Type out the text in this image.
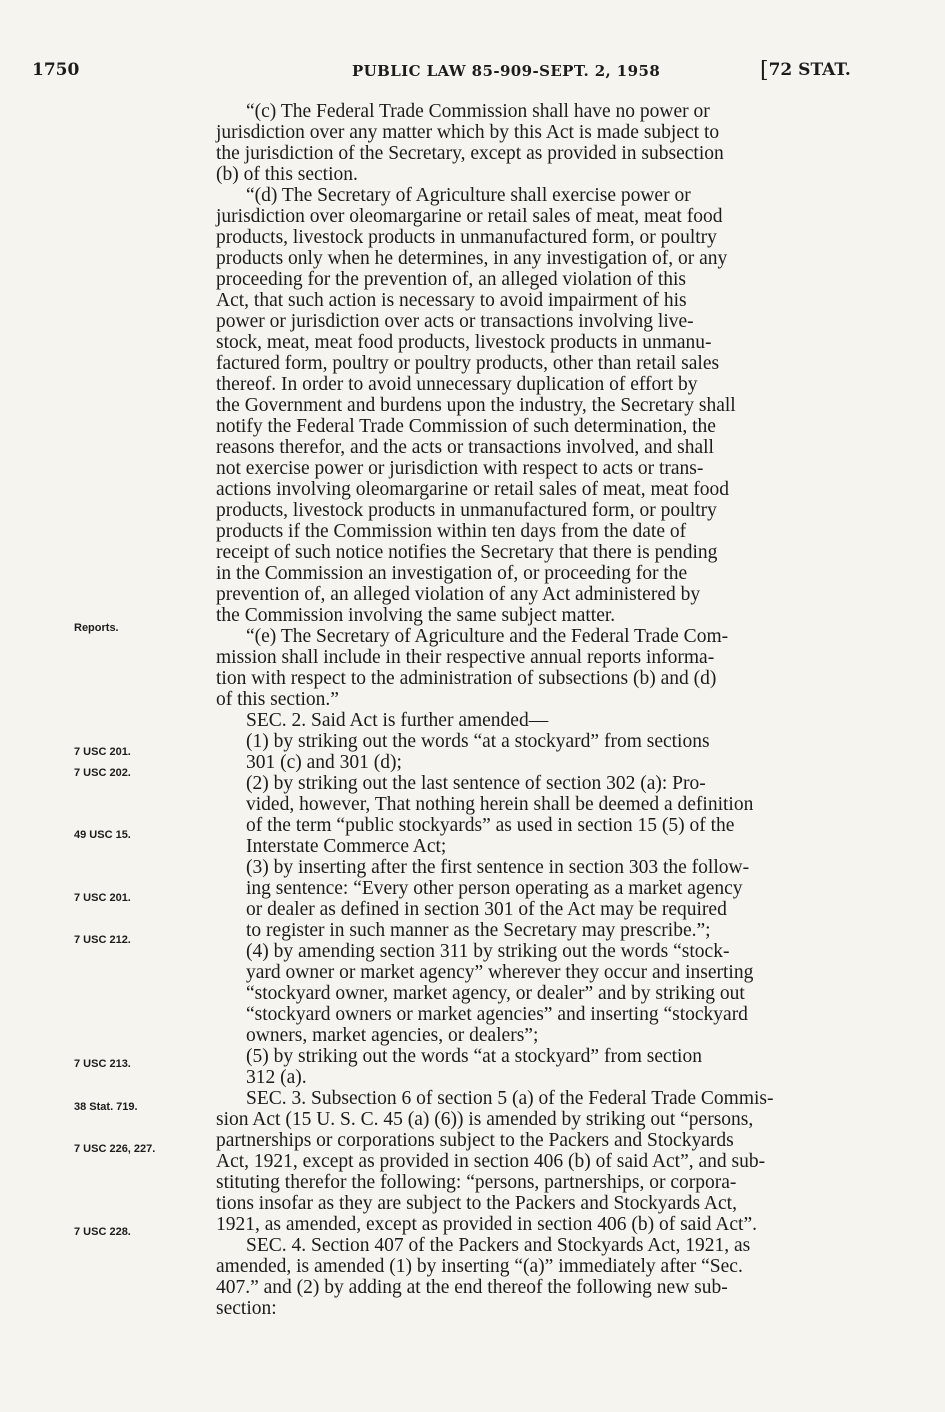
1750	PUBLIC LAW 85-909-SEPT. 2, 1958	[72 STAT.
“(c) The Federal Trade Commission shall have no power or
jurisdiction over any matter which by this Act is made subject to
the jurisdiction of the Secretary, except as provided in subsection
(b) of this section.
“(d) The Secretary of Agriculture shall exercise power or
jurisdiction over oleomargarine or retail sales of meat, meat food
products, livestock products in unmanufactured form, or poultry
products only when he determines, in any investigation of, or any
proceeding for the prevention of, an alleged violation of this
Act, that such action is necessary to avoid impairment of his
power or jurisdiction over acts or transactions involving live-
stock, meat, meat food products, livestock products in unmanu-
factured form, poultry or poultry products, other than retail sales
thereof. In order to avoid unnecessary duplication of effort by
the Government and burdens upon the industry, the Secretary shall
notify the Federal Trade Commission of such determination, the
reasons therefor, and the acts or transactions involved, and shall
not exercise power or jurisdiction with respect to acts or trans-
actions involving oleomargarine or retail sales of meat, meat food
products, livestock products in unmanufactured form, or poultry
products if the Commission within ten days from the date of
receipt of such notice notifies the Secretary that there is pending
in the Commission an investigation of, or proceeding for the
prevention of, an alleged violation of any Act administered by
the Commission involving the same subject matter.
“(e) The Secretary of Agriculture and the Federal Trade Com-
mission shall include in their respective annual reports informa-
tion with respect to the administration of subsections (b) and (d)
of this section.”
SEC. 2. Said Act is further amended—
(1) by striking out the words “at a stockyard” from sections
301 (c) and 301 (d);
(2) by striking out the last sentence of section 302 (a): Pro-
vided, however, That nothing herein shall be deemed a definition
of the term “public stockyards” as used in section 15 (5) of the
Interstate Commerce Act;
(3) by inserting after the first sentence in section 303 the follow-
ing sentence: “Every other person operating as a market agency
or dealer as defined in section 301 of the Act may be required
to register in such manner as the Secretary may prescribe.”;
(4) by amending section 311 by striking out the words “stock-
yard owner or market agency” wherever they occur and inserting
“stockyard owner, market agency, or dealer” and by striking out
“stockyard owners or market agencies” and inserting “stockyard
owners, market agencies, or dealers”;
(5) by striking out the words “at a stockyard” from section
312 (a).
SEC. 3. Subsection 6 of section 5 (a) of the Federal Trade Commis-
sion Act (15 U. S. C. 45 (a) (6)) is amended by striking out “persons,
partnerships or corporations subject to the Packers and Stockyards
Act, 1921, except as provided in section 406 (b) of said Act”, and sub-
stituting therefor the following: “persons, partnerships, or corpora-
tions insofar as they are subject to the Packers and Stockyards Act,
1921, as amended, except as provided in section 406 (b) of said Act”.
SEC. 4. Section 407 of the Packers and Stockyards Act, 1921, as
amended, is amended (1) by inserting “(a)” immediately after “Sec.
407.” and (2) by adding at the end thereof the following new sub-
section:
Reports.
7 USC 201.
7 USC 202.
49 USC 15.
7 USC 201.
7 USC 212.
7 USC 213.
38 Stat. 719.
7 USC 226, 227.
7 USC 228.
